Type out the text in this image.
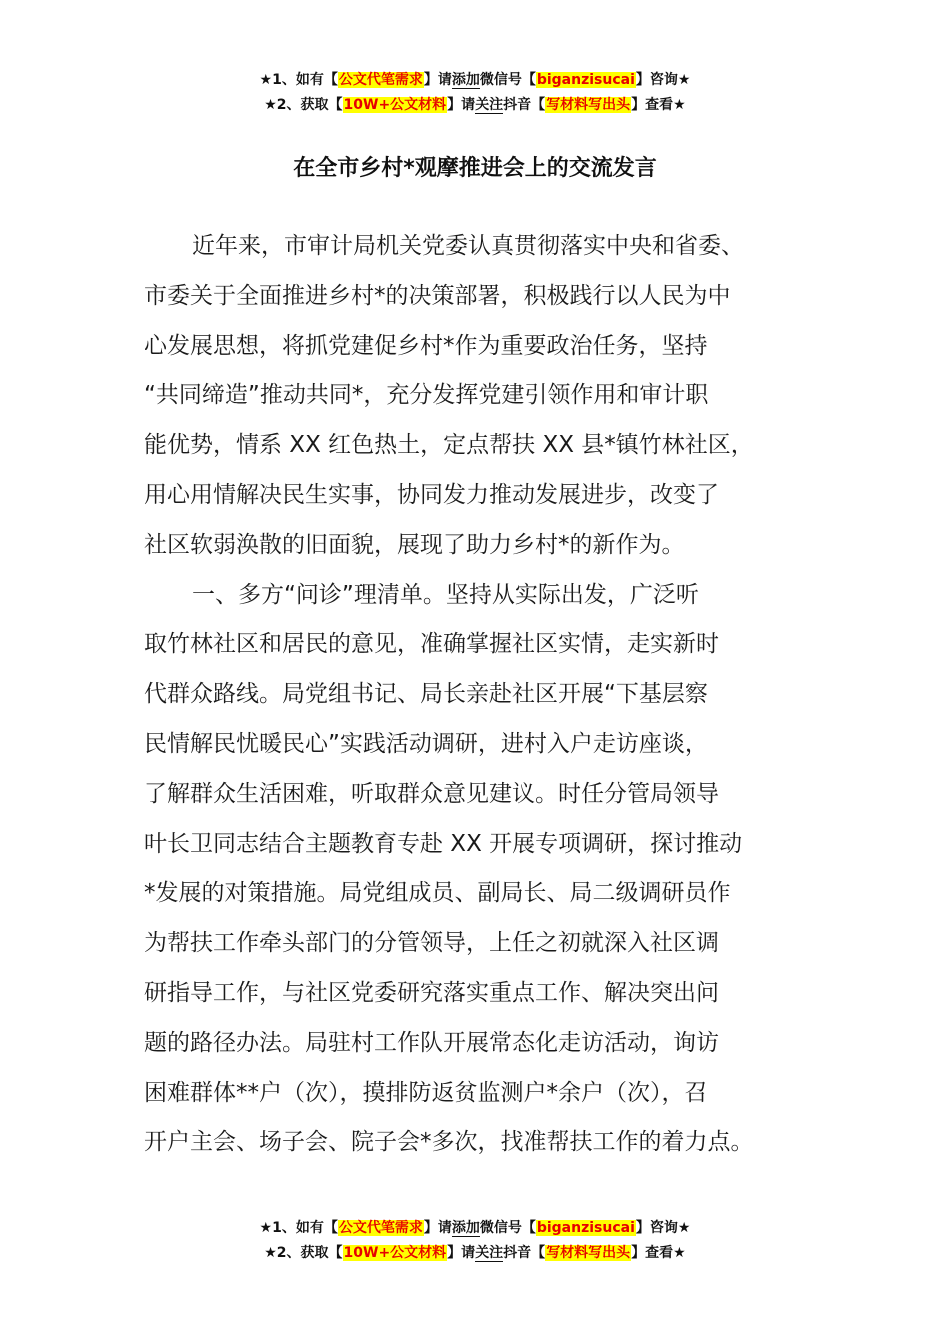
★1、如有【公文代笔需求】请添加微信号【biganzisucai】咨询★
★2、获取【10W+公文材料】请关注抖音【写材料写出头】查看★
在全市乡村*观摩推进会上的交流发言
近年来，市审计局机关党委认真贯彻落实中央和省委、
市委关于全面推进乡村*的决策部署，积极践行以人民为中
心发展思想，将抓党建促乡村*作为重要政治任务，坚持
“共同缔造”推动共同*，充分发挥党建引领作用和审计职
能优势，情系 XX 红色热土，定点帮扶 XX 县*镇竹林社区，
用心用情解决民生实事，协同发力推动发展进步，改变了
社区软弱涣散的旧面貌，展现了助力乡村*的新作为。
一、多方“问诊”理清单。坚持从实际出发，广泛听
取竹林社区和居民的意见，准确掌握社区实情，走实新时
代群众路线。局党组书记、局长亲赴社区开展“下基层察
民情解民忧暖民心”实践活动调研，进村入户走访座谈，
了解群众生活困难，听取群众意见建议。时任分管局领导
叶长卫同志结合主题教育专赴 XX 开展专项调研，探讨推动
*发展的对策措施。局党组成员、副局长、局二级调研员作
为帮扶工作牵头部门的分管领导，上任之初就深入社区调
研指导工作，与社区党委研究落实重点工作、解决突出问
题的路径办法。局驻村工作队开展常态化走访活动，询访
困难群体**户（次），摸排防返贫监测户*余户（次），召
开户主会、场子会、院子会*多次，找准帮扶工作的着力点。
★1、如有【公文代笔需求】请添加微信号【biganzisucai】咨询★
★2、获取【10W+公文材料】请关注抖音【写材料写出头】查看★
